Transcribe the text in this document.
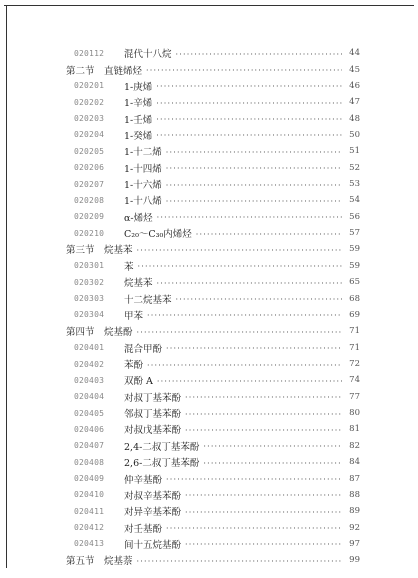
020112	混代十八烷 ·····	44
第二节　直链烯烃 ·····	45
020201	1-庚烯 ·····	46
020202	1-辛烯 ·····	47
020203	1-壬烯 ·····	48
020204	1-癸烯 ·····	50
020205	1-十二烯 ·····	51
020206	1-十四烯 ·····	52
020207	1-十六烯 ·····	53
020208	1-十八烯 ·····	54
020209	α-烯烃 ·····	56
020210	C₂₀～C₃₀内烯烃 ·····	57
第三节　烷基苯 ·····	59
020301	苯 ·····	59
020302	烷基苯 ·····	65
020303	十二烷基苯 ·····	68
020304	甲苯 ·····	69
第四节　烷基酚 ·····	71
020401	混合甲酚 ·····	71
020402	苯酚 ·····	72
020403	双酚 A ·····	74
020404	对叔丁基苯酚 ·····	77
020405	邻叔丁基苯酚 ·····	80
020406	对叔戊基苯酚 ·····	81
020407	2,4-二叔丁基苯酚 ·····	82
020408	2,6-二叔丁基苯酚 ·····	84
020409	仲辛基酚 ·····	87
020410	对叔辛基苯酚 ·····	88
020411	对异辛基苯酚 ·····	89
020412	对壬基酚 ·····	92
020413	间十五烷基酚 ·····	97
第五节　烷基萘 ·····	99
